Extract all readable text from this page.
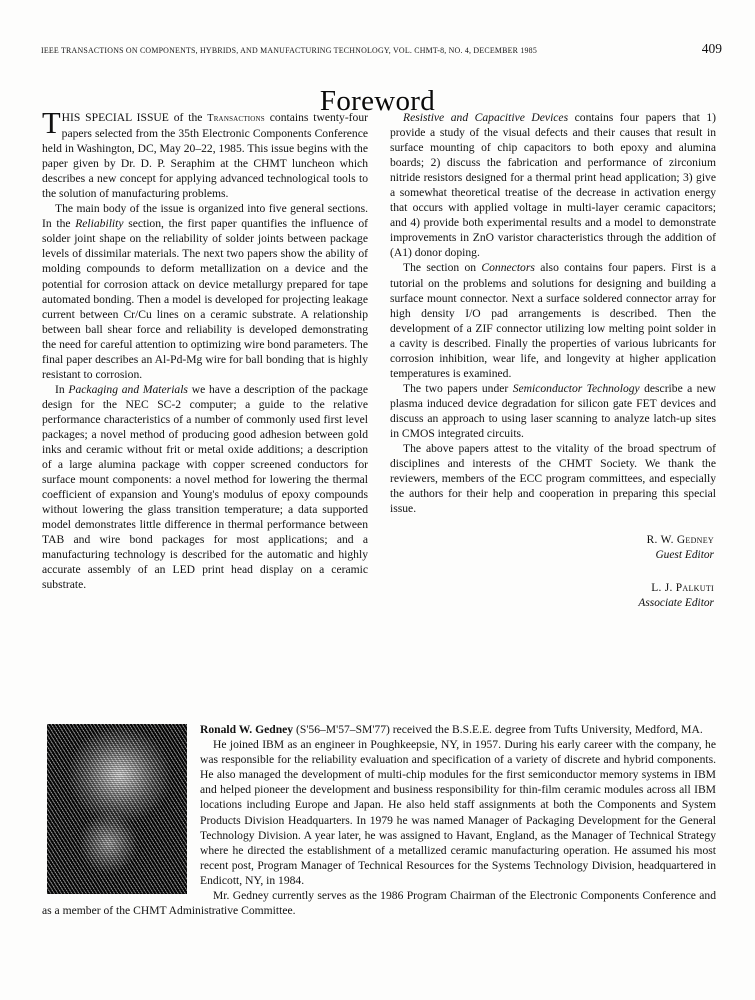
IEEE TRANSACTIONS ON COMPONENTS, HYBRIDS, AND MANUFACTURING TECHNOLOGY, VOL. CHMT-8, NO. 4, DECEMBER 1985	409
Foreword

THIS SPECIAL ISSUE of the Transactions contains twenty-four papers selected from the 35th Electronic Components Conference held in Washington, DC, May 20–22, 1985. This issue begins with the paper given by Dr. D. P. Seraphim at the CHMT luncheon which describes a new concept for applying advanced technological tools to the solution of manufacturing problems.

The main body of the issue is organized into five general sections. In the Reliability section, the first paper quantifies the influence of solder joint shape on the reliability of solder joints between package levels of dissimilar materials. The next two papers show the ability of molding compounds to deform metallization on a device and the potential for corrosion attack on device metallurgy prepared for tape automated bonding. Then a model is developed for projecting leakage current between Cr/Cu lines on a ceramic substrate. A relationship between ball shear force and reliability is developed demonstrating the need for careful attention to optimizing wire bond parameters. The final paper describes an Al-Pd-Mg wire for ball bonding that is highly resistant to corrosion.

In Packaging and Materials we have a description of the package design for the NEC SC-2 computer; a guide to the relative performance characteristics of a number of commonly used first level packages; a novel method of producing good adhesion between gold inks and ceramic without frit or metal oxide additions; a description of a large alumina package with copper screened conductors for surface mount components: a novel method for lowering the thermal coefficient of expansion and Young's modulus of epoxy compounds without lowering the glass transition temperature; a data supported model demonstrates little difference in thermal performance between TAB and wire bond packages for most applications; and a manufacturing technology is described for the automatic and highly accurate assembly of an LED print head display on a ceramic substrate.

Resistive and Capacitive Devices contains four papers that 1) provide a study of the visual defects and their causes that result in surface mounting of chip capacitors to both epoxy and alumina boards; 2) discuss the fabrication and performance of zirconium nitride resistors designed for a thermal print head application; 3) give a somewhat theoretical treatise of the decrease in activation energy that occurs with applied voltage in multi-layer ceramic capacitors; and 4) provide both experimental results and a model to demonstrate improvements in ZnO varistor characteristics through the addition of (A1) donor doping.

The section on Connectors also contains four papers. First is a tutorial on the problems and solutions for designing and building a surface mount connector. Next a surface soldered connector array for high density I/O pad arrangements is described. Then the development of a ZIF connector utilizing low melting point solder in a cavity is described. Finally the properties of various lubricants for corrosion inhibition, wear life, and longevity at higher application temperatures is examined.

The two papers under Semiconductor Technology describe a new plasma induced device degradation for silicon gate FET devices and discuss an approach to using laser scanning to analyze latch-up sites in CMOS integrated circuits.

The above papers attest to the vitality of the broad spectrum of disciplines and interests of the CHMT Society. We thank the reviewers, members of the ECC program committees, and especially the authors for their help and cooperation in preparing this special issue.

R. W. Gedney
Guest Editor
L. J. Palkuti
Associate Editor

Ronald W. Gedney (S'56–M'57–SM'77) received the B.S.E.E. degree from Tufts University, Medford, MA.

He joined IBM as an engineer in Poughkeepsie, NY, in 1957. During his early career with the company, he was responsible for the reliability evaluation and specification of a variety of discrete and hybrid components. He also managed the development of multi-chip modules for the first semiconductor memory systems in IBM and helped pioneer the development and business responsibility for thin-film ceramic modules across all IBM locations including Europe and Japan. He also held staff assignments at both the Components and System Products Division Headquarters. In 1979 he was named Manager of Packaging Development for the General Technology Division. A year later, he was assigned to Havant, England, as the Manager of Technical Strategy where he directed the establishment of a metallized ceramic manufacturing operation. He assumed his most recent post, Program Manager of Technical Resources for the Systems Technology Division, headquartered in Endicott, NY, in 1984.

Mr. Gedney currently serves as the 1986 Program Chairman of the Electronic Components Conference and as a member of the CHMT Administrative Committee.
